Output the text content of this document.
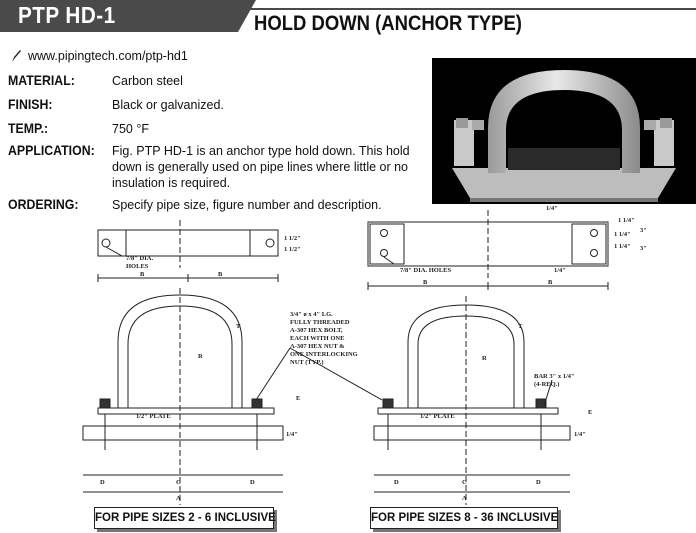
PTP HD-1	HOLD DOWN (ANCHOR TYPE)
www.pipingtech.com/ptp-hd1
MATERIAL:	Carbon steel
FINISH:	Black or galvanized.
TEMP.:	750 °F
APPLICATION: Fig. PTP HD-1 is an anchor type hold down. This hold down is generally used on pipe lines where little or no insulation is required.
ORDERING:	Specify pipe size, figure number and description.
1 1/2"
1 1/2"
7/8" DIA.
HOLES
B	B
1/4"
1 1/4"
1 1/4"
1 1/4"
3"
3"
1/4"
7/8" DIA. HOLES
B	B
3/4" ø x 4" LG.
FULLY THREADED
A-307 HEX BOLT,
EACH WITH ONE
A-307 HEX NUT &
ONE INTERLOCKING
NUT (TYP.)
BAR 3" x 1/4"
(4-REQ.)
T
R
E
1/2" PLATE
1/4"
D	C	D
A
T
R
E
1/2" PLATE
1/4"
D	C	D
A
FOR PIPE SIZES 2 - 6 INCLUSIVE	FOR PIPE SIZES 8 - 36 INCLUSIVE
